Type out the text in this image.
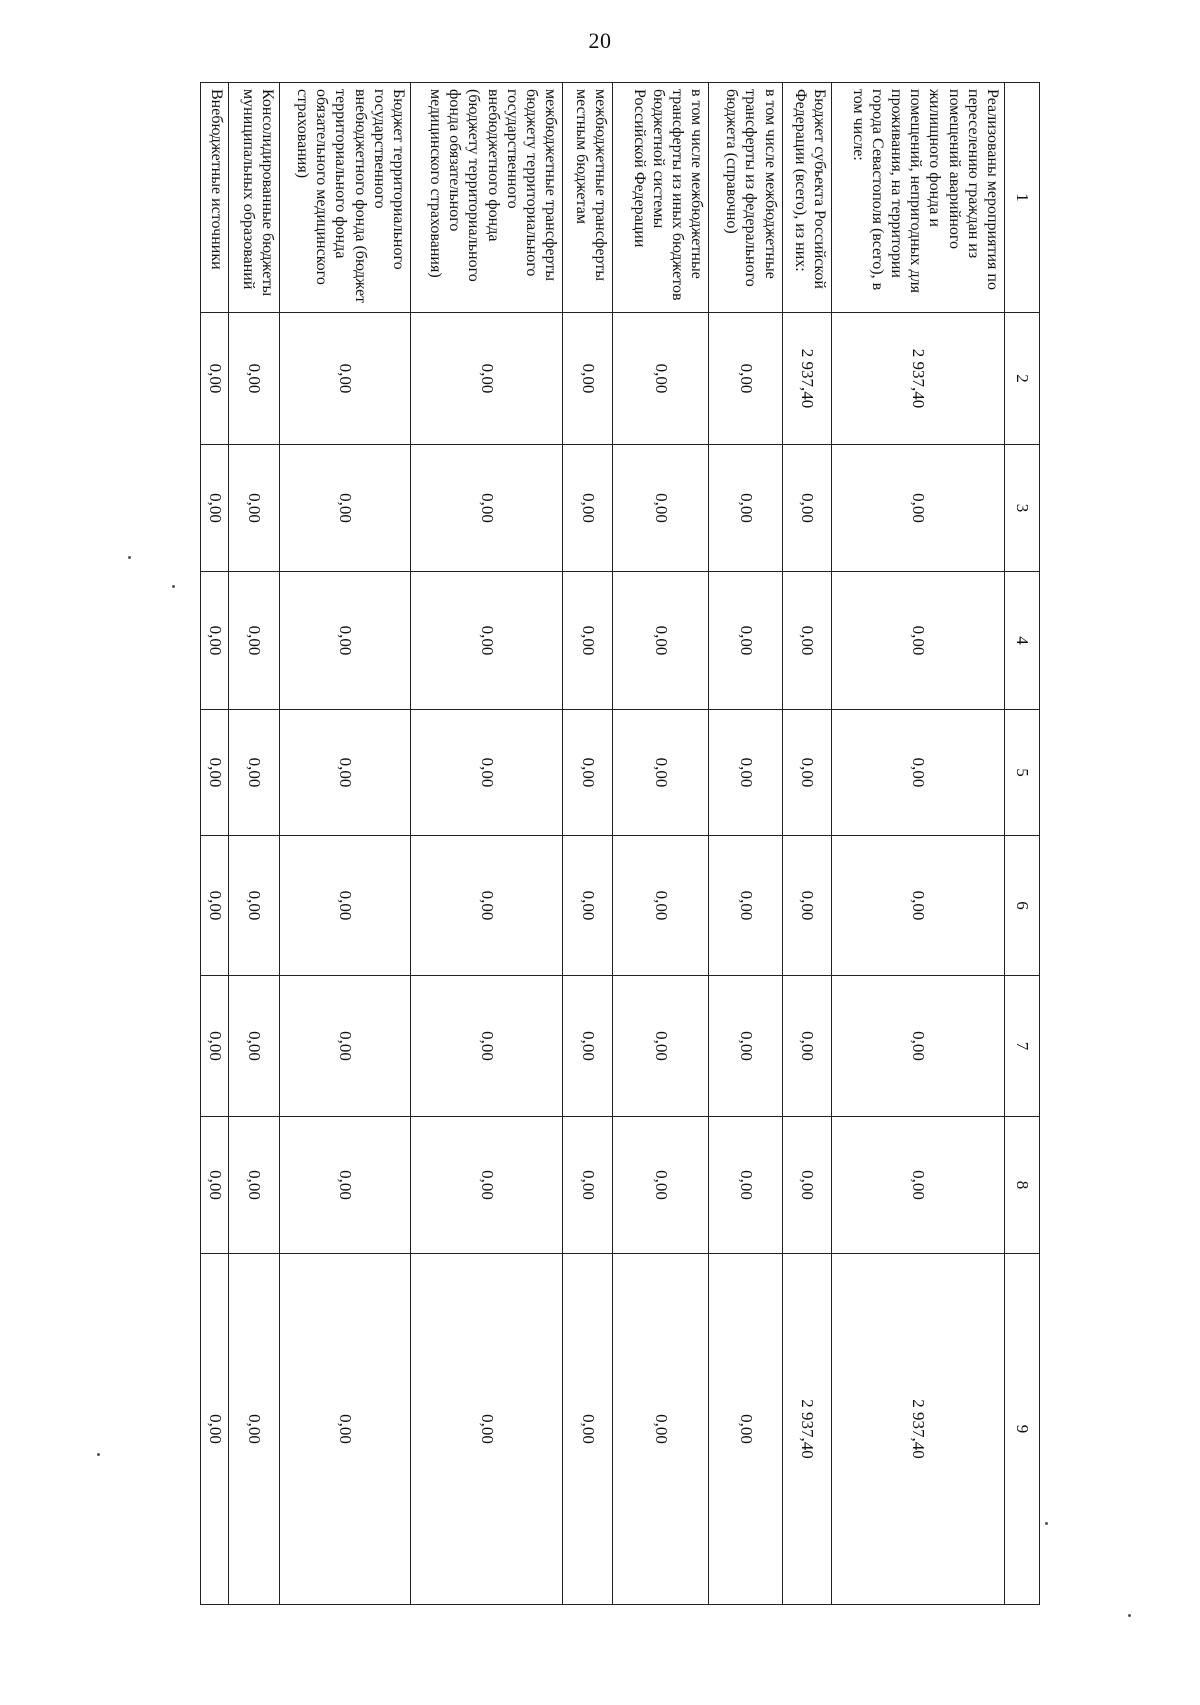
20
1	2	3	4	5	6	7	8	9
Реализованы мероприятия по переселению граждан из помещений аварийного жилищного фонда и помещений, непригодных для проживания, на территории города Севастополя (всего), в том числе:	2 937,40	0,00	0,00	0,00	0,00	0,00	0,00	2 937,40
Бюджет субъекта Российской Федерации (всего), из них:	2 937,40	0,00	0,00	0,00	0,00	0,00	0,00	2 937,40
в том числе межбюджетные трансферты из федерального бюджета (справочно)	0,00	0,00	0,00	0,00	0,00	0,00	0,00	0,00
в том числе межбюджетные трансферты из иных бюджетов бюджетной системы Российской Федерации	0,00	0,00	0,00	0,00	0,00	0,00	0,00	0,00
межбюджетные трансферты местным бюджетам	0,00	0,00	0,00	0,00	0,00	0,00	0,00	0,00
межбюджетные трансферты бюджету территориального государственного внебюджетного фонда (бюджету территориального фонда обязательного медицинского страхования)	0,00	0,00	0,00	0,00	0,00	0,00	0,00	0,00
Бюджет территориального государственного внебюджетного фонда (бюджет территориального фонда обязательного медицинского страхования)	0,00	0,00	0,00	0,00	0,00	0,00	0,00	0,00
Консолидированные бюджеты муниципальных образований	0,00	0,00	0,00	0,00	0,00	0,00	0,00	0,00
Внебюджетные источники	0,00	0,00	0,00	0,00	0,00	0,00	0,00	0,00
